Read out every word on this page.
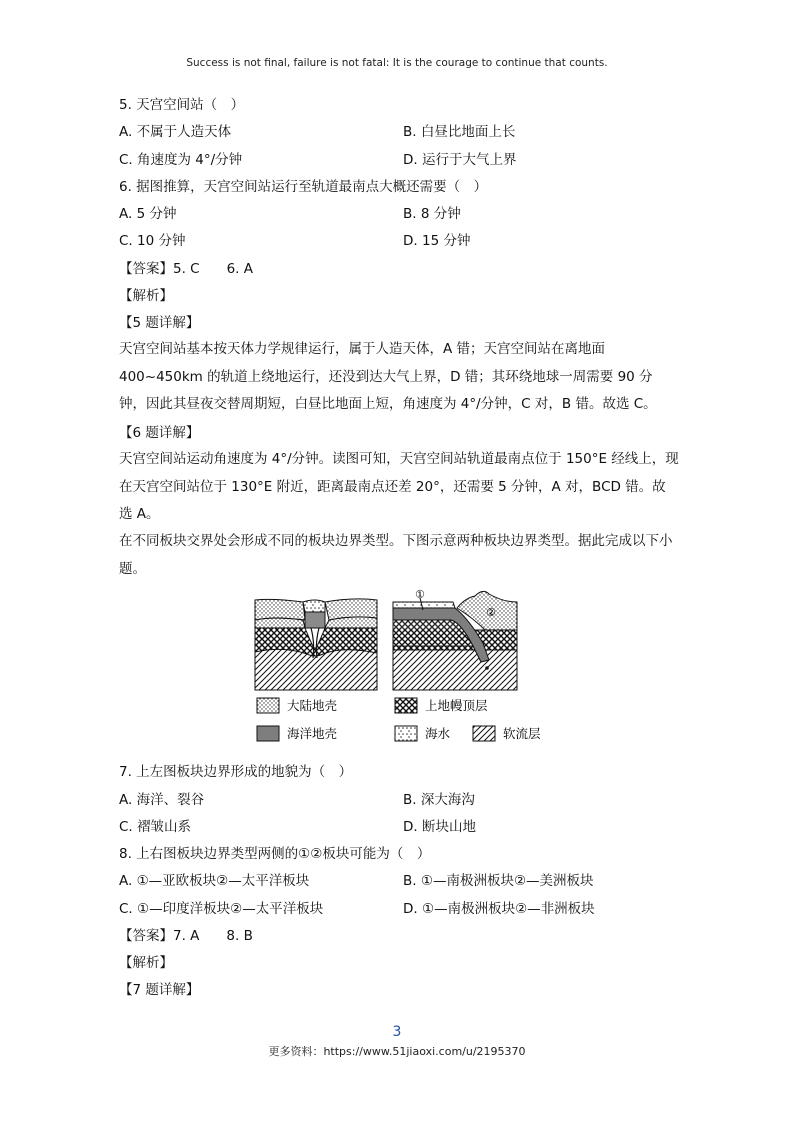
Success is not final, failure is not fatal: It is the courage to continue that counts.
5. 天宫空间站（　）
A. 不属于人造天体	B. 白昼比地面上长
C. 角速度为 4°/分钟	D. 运行于大气上界
6. 据图推算，天宫空间站运行至轨道最南点大概还需要（　）
A. 5 分钟	B. 8 分钟
C. 10 分钟	D. 15 分钟
【答案】5. C　　6. A
【解析】
【5 题详解】
天宫空间站基本按天体力学规律运行，属于人造天体，A 错；天宫空间站在离地面 400~450km 的轨道上绕地运行，还没到达大气上界，D 错；其环绕地球一周需要 90 分钟，因此其昼夜交替周期短，白昼比地面上短，角速度为 4°/分钟，C 对，B 错。故选 C。
【6 题详解】
天宫空间站运动角速度为 4°/分钟。读图可知，天宫空间站轨道最南点位于 150°E 经线上，现在天宫空间站位于 130°E 附近，距离最南点还差 20°，还需要 5 分钟，A 对，BCD 错。故选 A。
在不同板块交界处会形成不同的板块边界类型。下图示意两种板块边界类型。据此完成以下小题。
①
②
大陆地壳	上地幔顶层
海洋地壳	海水	软流层
7. 上左图板块边界形成的地貌为（　）
A. 海洋、裂谷	B. 深大海沟
C. 褶皱山系	D. 断块山地
8. 上右图板块边界类型两侧的①②板块可能为（　）
A. ①—亚欧板块②—太平洋板块	B. ①—南极洲板块②—美洲板块
C. ①—印度洋板块②—太平洋板块	D. ①—南极洲板块②—非洲板块
【答案】7. A　　8. B
【解析】
【7 题详解】
3
更多资料：https://www.51jiaoxi.com/u/2195370
